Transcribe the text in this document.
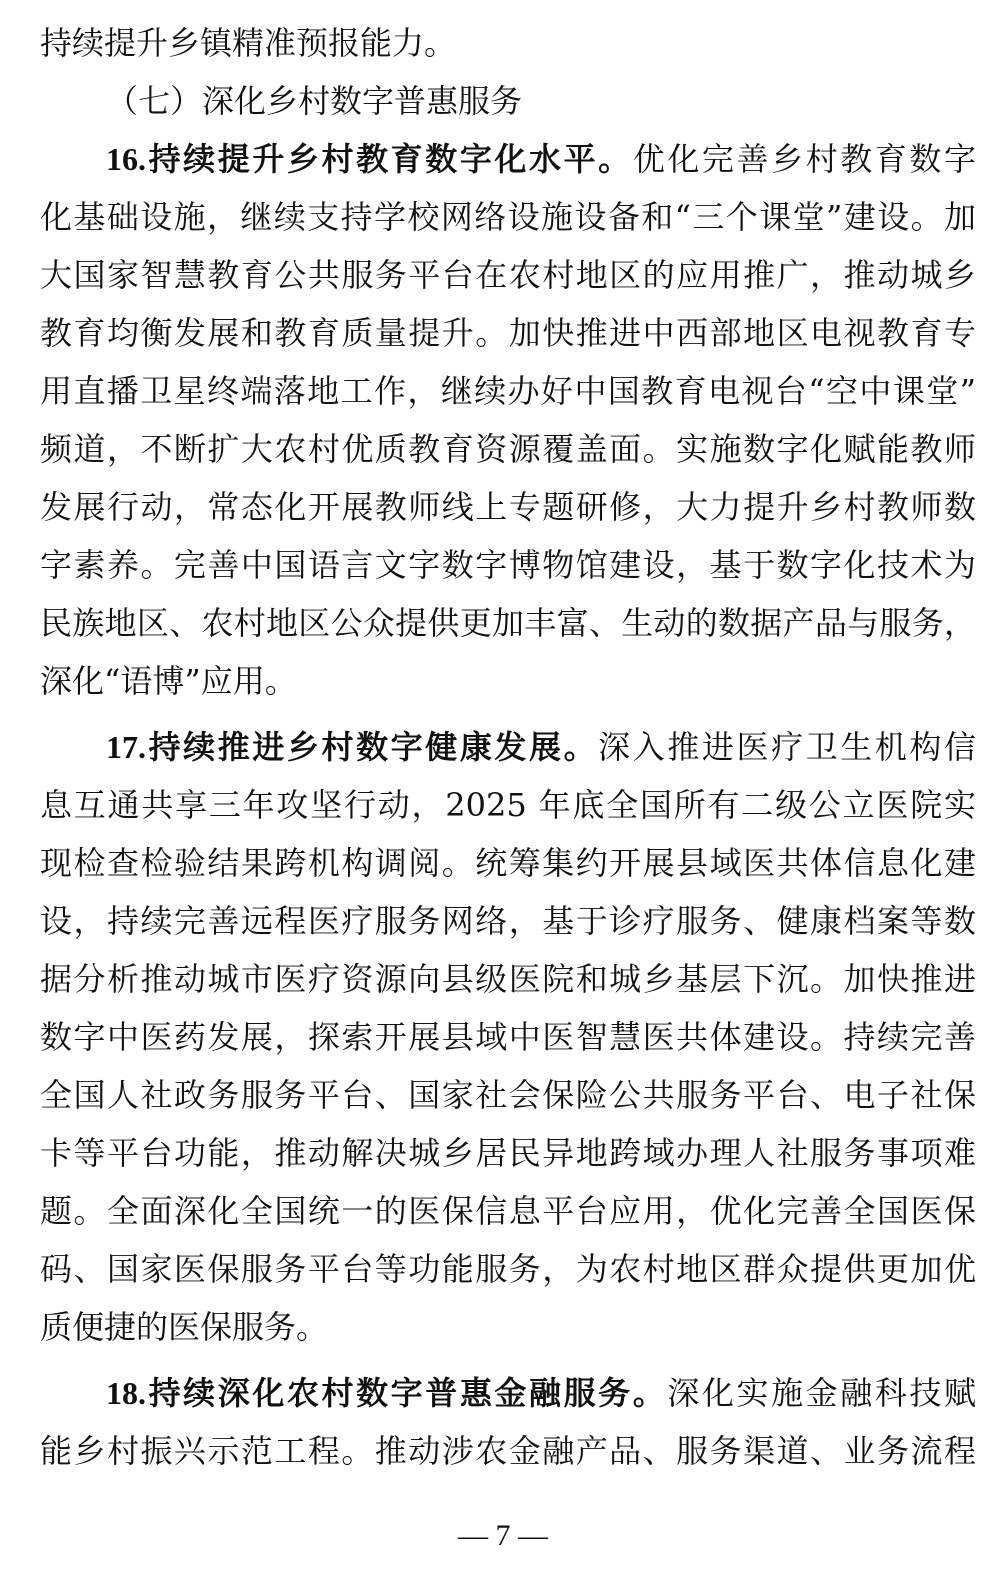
持续提升乡镇精准预报能力。
（七）深化乡村数字普惠服务
16.持续提升乡村教育数字化水平。优化完善乡村教育数字
化基础设施，继续支持学校网络设施设备和“三个课堂”建设。加
大国家智慧教育公共服务平台在农村地区的应用推广，推动城乡
教育均衡发展和教育质量提升。加快推进中西部地区电视教育专
用直播卫星终端落地工作，继续办好中国教育电视台“空中课堂”
频道，不断扩大农村优质教育资源覆盖面。实施数字化赋能教师
发展行动，常态化开展教师线上专题研修，大力提升乡村教师数
字素养。完善中国语言文字数字博物馆建设，基于数字化技术为
民族地区、农村地区公众提供更加丰富、生动的数据产品与服务，
深化“语博”应用。
17.持续推进乡村数字健康发展。深入推进医疗卫生机构信
息互通共享三年攻坚行动，2025 年底全国所有二级公立医院实
现检查检验结果跨机构调阅。统筹集约开展县域医共体信息化建
设，持续完善远程医疗服务网络，基于诊疗服务、健康档案等数
据分析推动城市医疗资源向县级医院和城乡基层下沉。加快推进
数字中医药发展，探索开展县域中医智慧医共体建设。持续完善
全国人社政务服务平台、国家社会保险公共服务平台、电子社保
卡等平台功能，推动解决城乡居民异地跨域办理人社服务事项难
题。全面深化全国统一的医保信息平台应用，优化完善全国医保
码、国家医保服务平台等功能服务，为农村地区群众提供更加优
质便捷的医保服务。
18.持续深化农村数字普惠金融服务。深化实施金融科技赋
能乡村振兴示范工程。推动涉农金融产品、服务渠道、业务流程
— 7 —
